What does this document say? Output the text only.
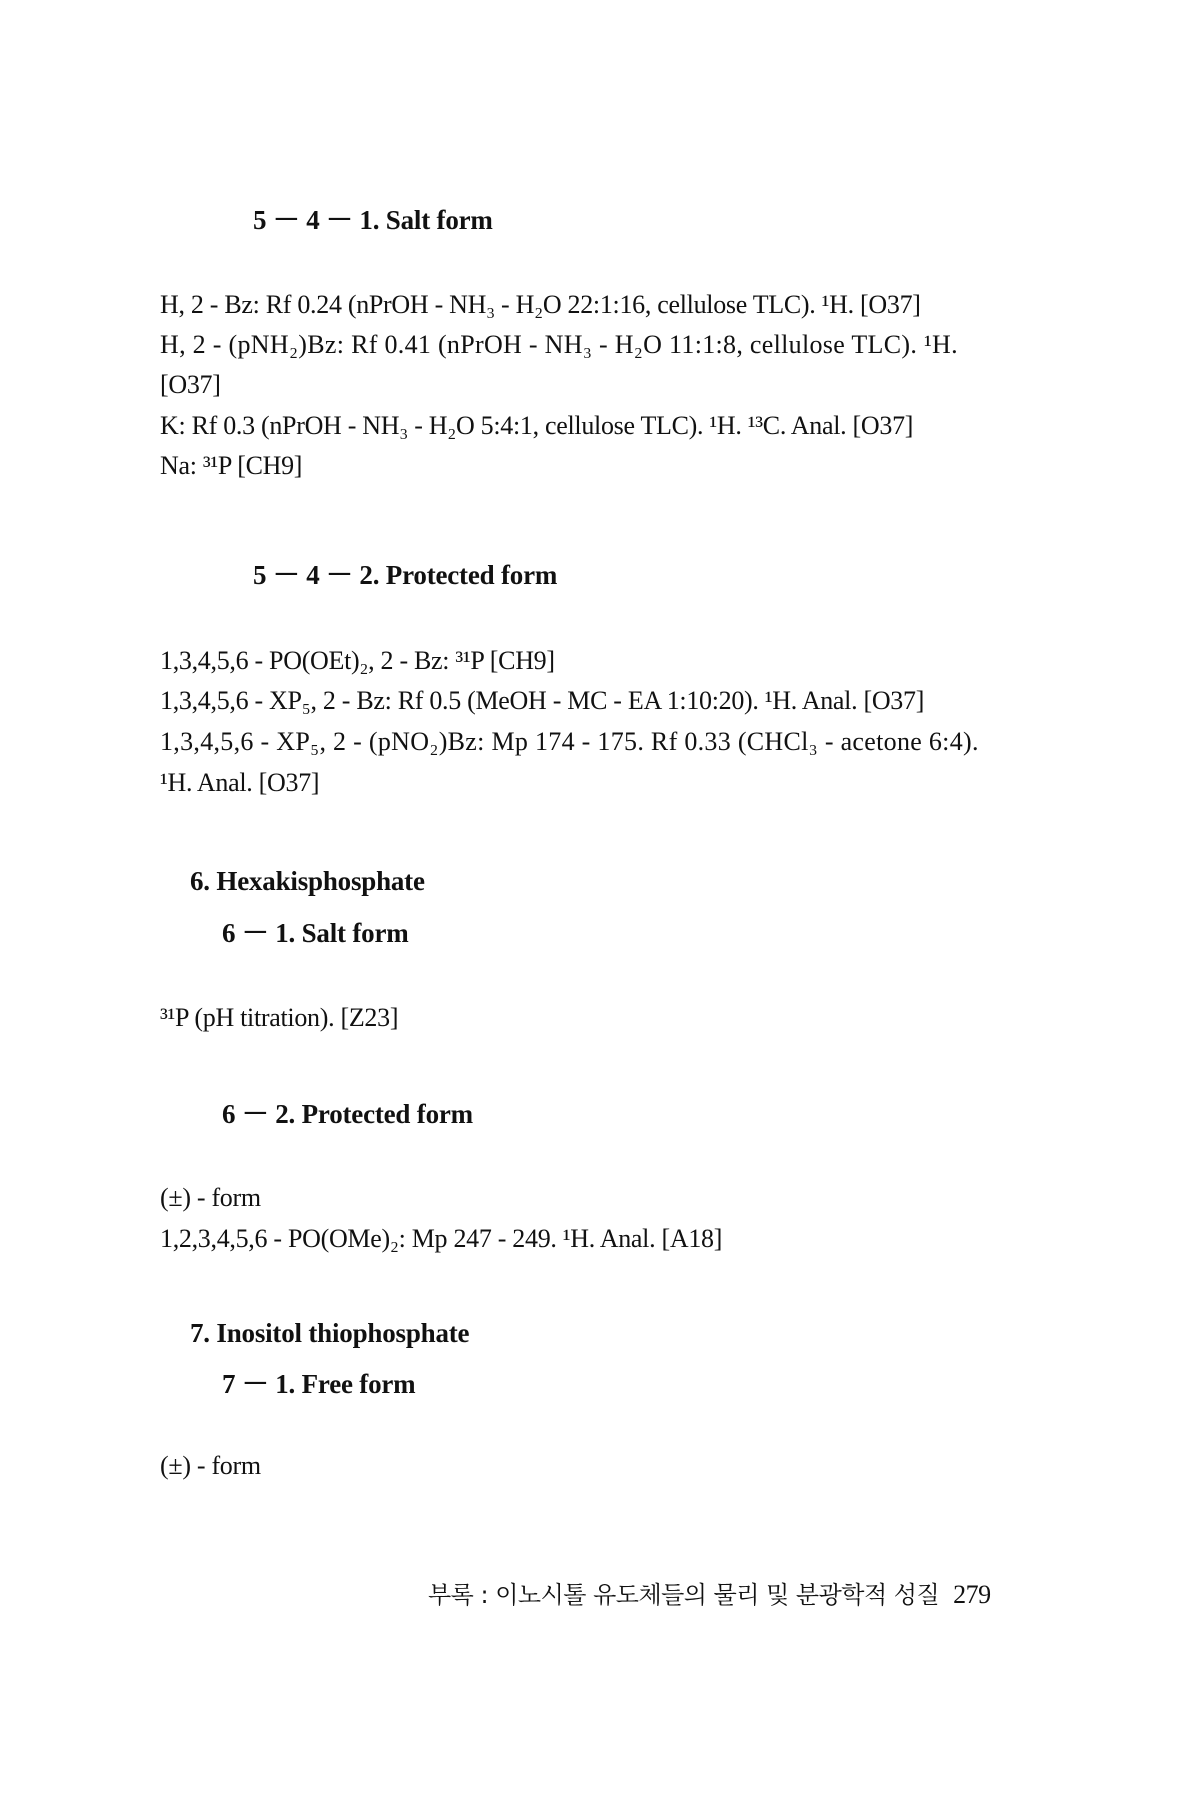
5 － 4 － 1. Salt form
H, 2 - Bz: Rf 0.24 (nPrOH - NH₃ - H₂O 22:1:16, cellulose TLC). ¹H. [O37]
H, 2 - (pNH₂)Bz: Rf 0.41 (nPrOH - NH₃ - H₂O 11:1:8, cellulose TLC). ¹H.
[O37]
K: Rf 0.3 (nPrOH - NH₃ - H₂O 5:4:1, cellulose TLC). ¹H. ¹³C. Anal. [O37]
Na: ³¹P [CH9]
5 － 4 － 2. Protected form
1,3,4,5,6 - PO(OEt)₂, 2 - Bz: ³¹P [CH9]
1,3,4,5,6 - XP₅, 2 - Bz: Rf 0.5 (MeOH - MC - EA 1:10:20). ¹H. Anal. [O37]
1,3,4,5,6 - XP₅, 2 - (pNO₂)Bz: Mp 174 - 175. Rf 0.33 (CHCl₃ - acetone 6:4).
¹H. Anal. [O37]
6. Hexakisphosphate
6 － 1. Salt form
³¹P (pH titration). [Z23]
6 － 2. Protected form
(±) - form
1,2,3,4,5,6 - PO(OMe)₂: Mp 247 - 249. ¹H. Anal. [A18]
7. Inositol thiophosphate
7 － 1. Free form
(±) - form
부록 : 이노시톨 유도체들의 물리 및 분광학적 성질 279
